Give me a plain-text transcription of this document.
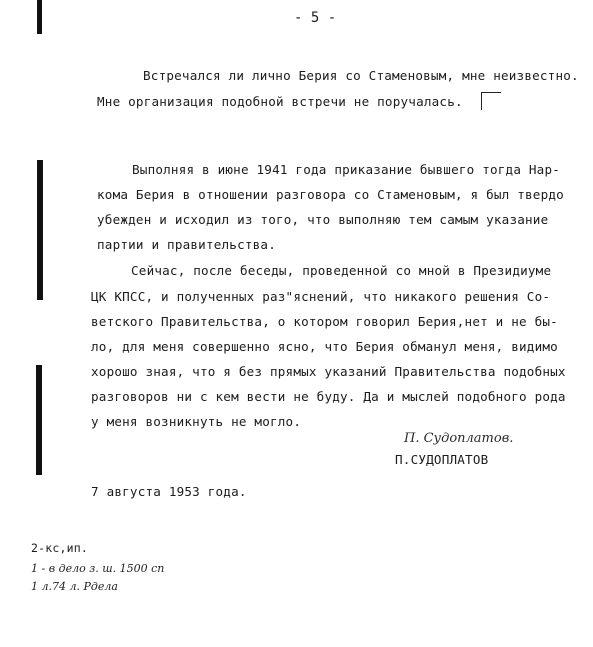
- 5 -
Встречался ли лично Берия со Стаменовым, мне неизвестно.
Мне организация подобной встречи не поручалась.
Выполняя в июне 1941 года приказание бывшего тогда Нар-
кома Берия в отношении разговора со Стаменовым, я был твердо
убежден и исходил из того, что выполняю тем самым указание
партии и правительства.
Сейчас, после беседы, проведенной со мной в Президиуме
ЦК КПСС, и полученных раз"яснений, что никакого решения Со-
ветского Правительства, о котором говорил Берия,нет и не бы-
ло, для меня совершенно ясно, что Берия обманул меня, видимо
хорошо зная, что я без прямых указаний Правительства подобных
разговоров ни с кем вести не буду. Да и мыслей подобного рода
у меня возникнуть не могло.
П. Судоплатов.
П.СУДОПЛАТОВ
7 августа 1953 года.
2-кс,ип.
1 - в дело з. ш. 1500 сп
1 л.74 л. Рдела
